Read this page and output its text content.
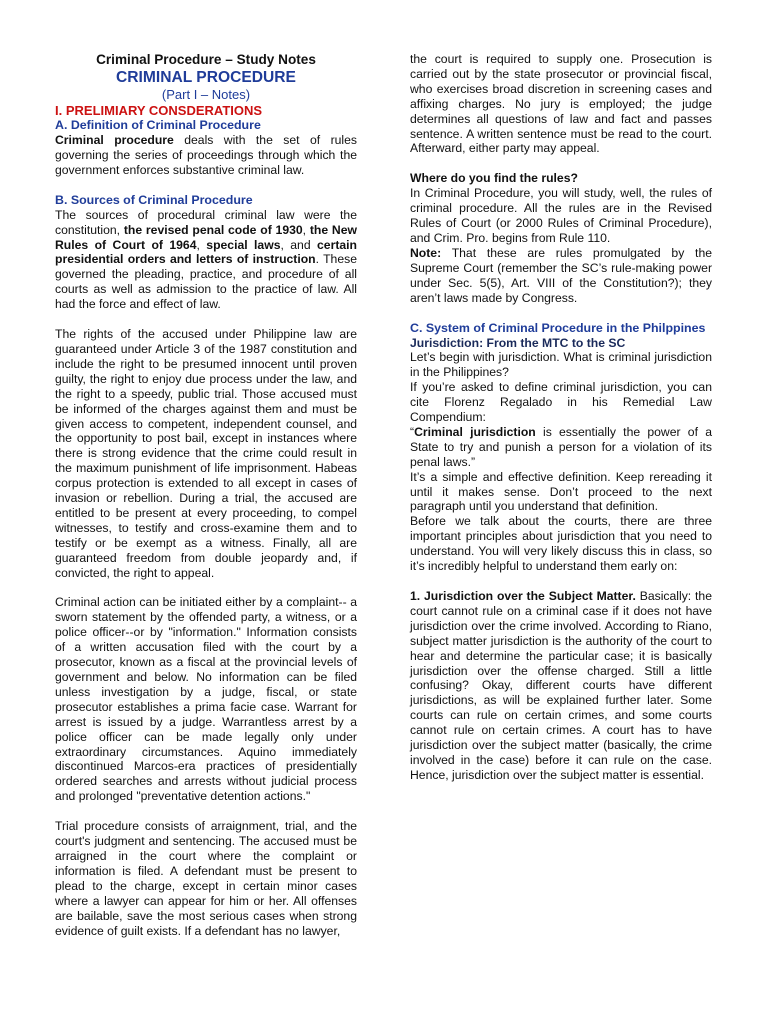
Criminal Procedure – Study Notes

CRIMINAL PROCEDURE

(Part I – Notes)

I. PRELIMIARY CONSDERATIONS

A. Definition of Criminal Procedure

Criminal procedure deals with the set of rules governing the series of proceedings through which the government enforces substantive criminal law.

B. Sources of Criminal Procedure

The sources of procedural criminal law were the constitution, the revised penal code of 1930, the New Rules of Court of 1964, special laws, and certain presidential orders and letters of instruction. These governed the pleading, practice, and procedure of all courts as well as admission to the practice of law. All had the force and effect of law.

The rights of the accused under Philippine law are guaranteed under Article 3 of the 1987 constitution and include the right to be presumed innocent until proven guilty, the right to enjoy due process under the law, and the right to a speedy, public trial. Those accused must be informed of the charges against them and must be given access to competent, independent counsel, and the opportunity to post bail, except in instances where there is strong evidence that the crime could result in the maximum punishment of life imprisonment. Habeas corpus protection is extended to all except in cases of invasion or rebellion. During a trial, the accused are entitled to be present at every proceeding, to compel witnesses, to testify and cross-examine them and to testify or be exempt as a witness. Finally, all are guaranteed freedom from double jeopardy and, if convicted, the right to appeal.

Criminal action can be initiated either by a complaint-- a sworn statement by the offended party, a witness, or a police officer--or by "information." Information consists of a written accusation filed with the court by a prosecutor, known as a fiscal at the provincial levels of government and below. No information can be filed unless investigation by a judge, fiscal, or state prosecutor establishes a prima facie case. Warrant for arrest is issued by a judge. Warrantless arrest by a police officer can be made legally only under extraordinary circumstances. Aquino immediately discontinued Marcos-era practices of presidentially ordered searches and arrests without judicial process and prolonged "preventative detention actions."

Trial procedure consists of arraignment, trial, and the court's judgment and sentencing. The accused must be arraigned in the court where the complaint or information is filed. A defendant must be present to plead to the charge, except in certain minor cases where a lawyer can appear for him or her. All offenses are bailable, save the most serious cases when strong evidence of guilt exists. If a defendant has no lawyer,

the court is required to supply one. Prosecution is carried out by the state prosecutor or provincial fiscal, who exercises broad discretion in screening cases and affixing charges. No jury is employed; the judge determines all questions of law and fact and passes sentence. A written sentence must be read to the court. Afterward, either party may appeal.

Where do you find the rules?

In Criminal Procedure, you will study, well, the rules of criminal procedure. All the rules are in the Revised Rules of Court (or 2000 Rules of Criminal Procedure), and Crim. Pro. begins from Rule 110.

Note: That these are rules promulgated by the Supreme Court (remember the SC’s rule-making power under Sec. 5(5), Art. VIII of the Constitution?); they aren’t laws made by Congress.

C. System of Criminal Procedure in the Philppines

Jurisdiction: From the MTC to the SC

Let’s begin with jurisdiction. What is criminal jurisdiction in the Philippines?

If you’re asked to define criminal jurisdiction, you can cite Florenz Regalado in his Remedial Law Compendium:

“Criminal jurisdiction is essentially the power of a State to try and punish a person for a violation of its penal laws.”

It’s a simple and effective definition. Keep rereading it until it makes sense. Don’t proceed to the next paragraph until you understand that definition.

Before we talk about the courts, there are three important principles about jurisdiction that you need to understand. You will very likely discuss this in class, so it’s incredibly helpful to understand them early on:

1. Jurisdiction over the Subject Matter. Basically: the court cannot rule on a criminal case if it does not have jurisdiction over the crime involved. According to Riano, subject matter jurisdiction is the authority of the court to hear and determine the particular case; it is basically jurisdiction over the offense charged. Still a little confusing? Okay, different courts have different jurisdictions, as will be explained further later. Some courts can rule on certain crimes, and some courts cannot rule on certain crimes. A court has to have jurisdiction over the subject matter (basically, the crime involved in the case) before it can rule on the case. Hence, jurisdiction over the subject matter is essential.
